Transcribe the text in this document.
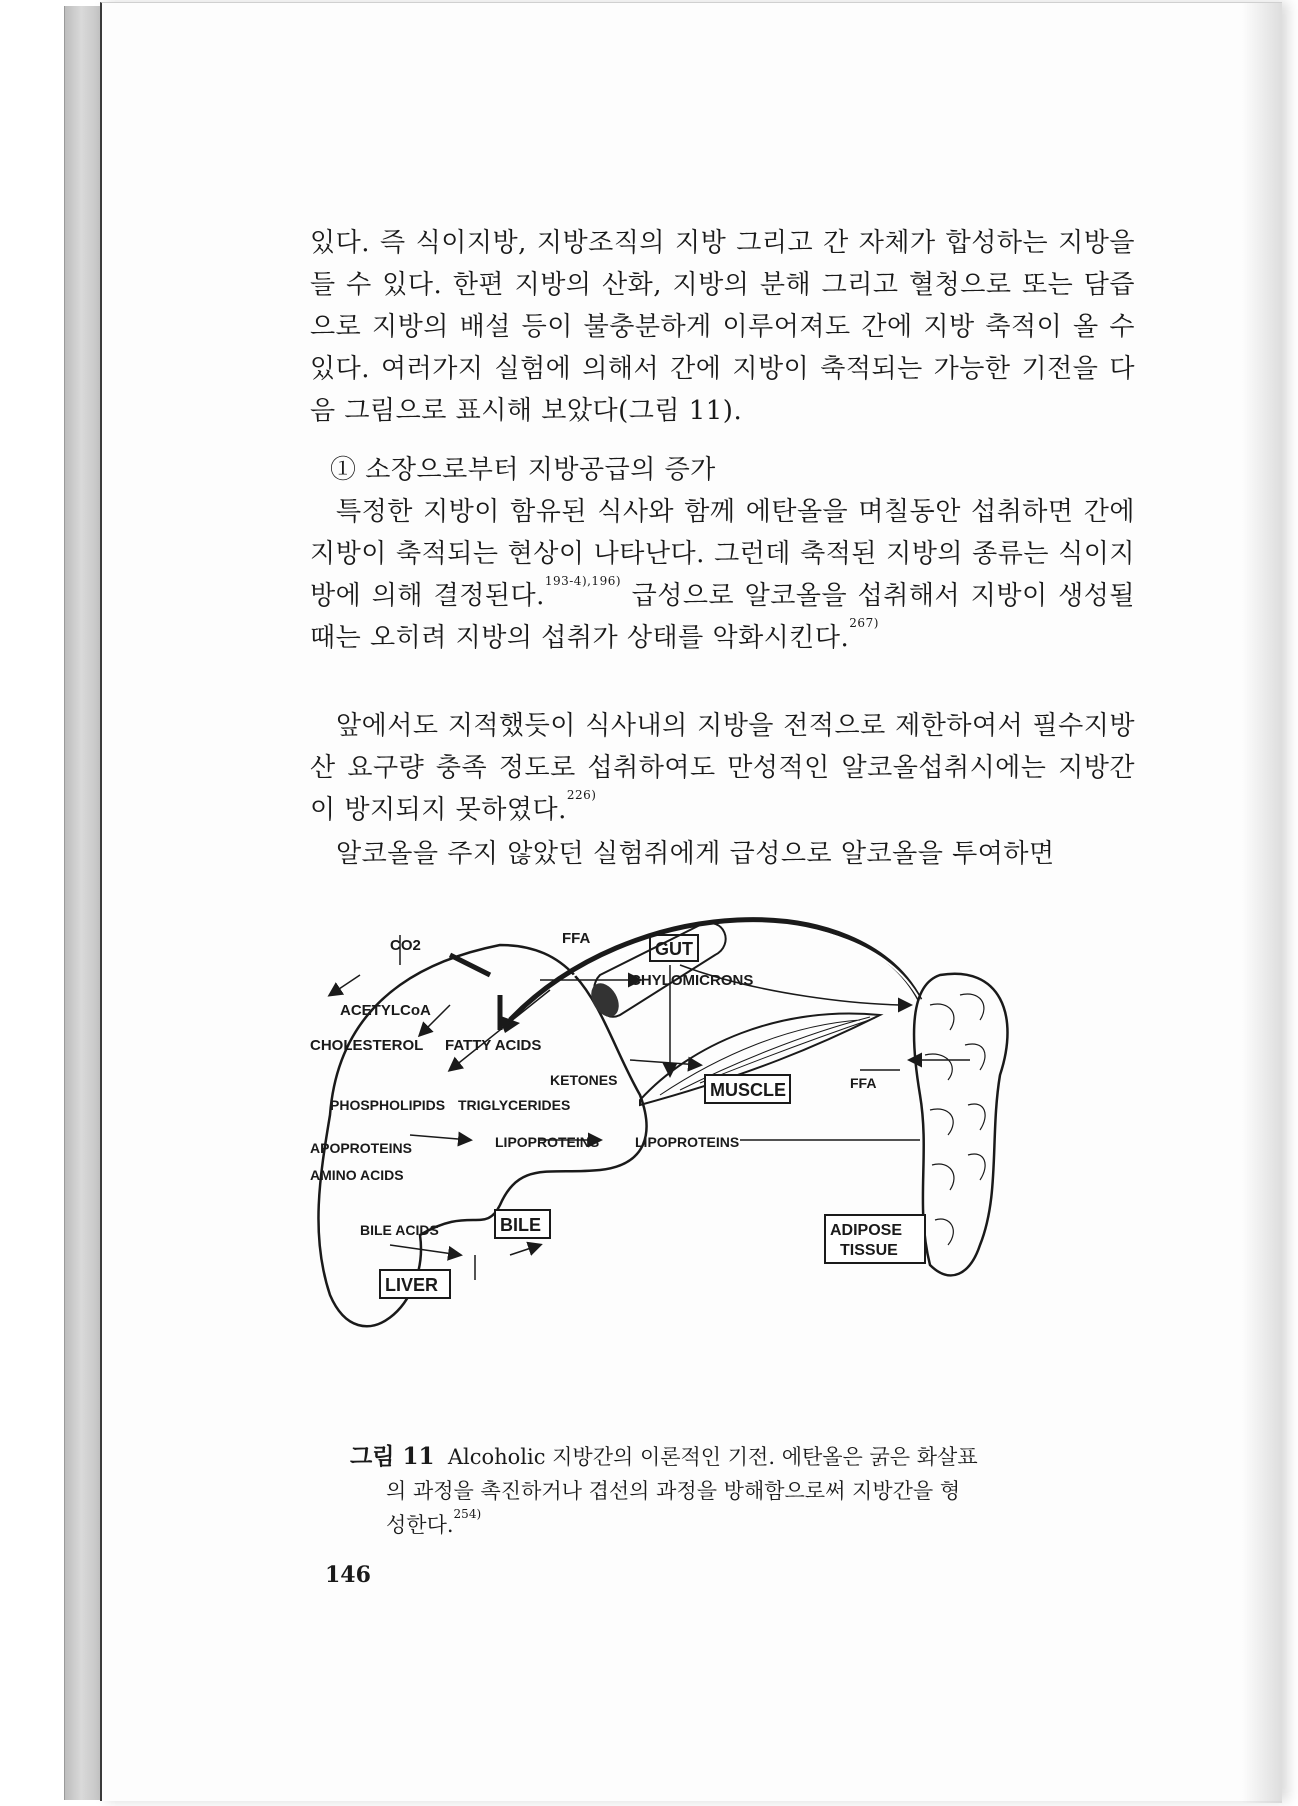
있다. 즉 식이지방, 지방조직의 지방 그리고 간 자체가 합성하는 지방을 들 수 있다. 한편 지방의 산화, 지방의 분해 그리고 혈청으로 또는 담즙으로 지방의 배설 등이 불충분하게 이루어져도 간에 지방 축적이 올 수 있다. 여러가지 실험에 의해서 간에 지방이 축적되는 가능한 기전을 다음 그림으로 표시해 보았다(그림 11).

① 소장으로부터 지방공급의 증가

특정한 지방이 함유된 식사와 함께 에탄올을 며칠동안 섭취하면 간에 지방이 축적되는 현상이 나타난다. 그런데 축적된 지방의 종류는 식이지방에 의해 결정된다.$^{193-4),196)}$ 급성으로 알코올을 섭취해서 지방이 생성될 때는 오히려 지방의 섭취가 상태를 악화시킨다.$^{267)}$

앞에서도 지적했듯이 식사내의 지방을 전적으로 제한하여서 필수지방산 요구량 충족 정도로 섭취하여도 만성적인 알코올섭취시에는 지방간이 방지되지 못하였다.$^{226)}$

알코올을 주지 않았던 실험쥐에게 급성으로 알코올을 투여하면

FFA
GUT
CHYLOMICRONS
CO2
ACETYLCoA
CHOLESTEROL FATTY ACIDS
KETONES	MUSCLE	FFA
PHOSPHOLIPIDS TRIGLYCERIDES
APOPROTEINS
AMINO ACIDS
LIPOPROTEINS	LIPOPROTEINS
BILE ACIDS	BILE
LIVER
ADIPOSE
TISSUE

그림 11 Alcoholic 지방간의 이론적인 기전. 에탄올은 굵은 화살표

의 과정을 촉진하거나 겹선의 과정을 방해함으로써 지방간을 형

성한다.$^{254)}$

146
